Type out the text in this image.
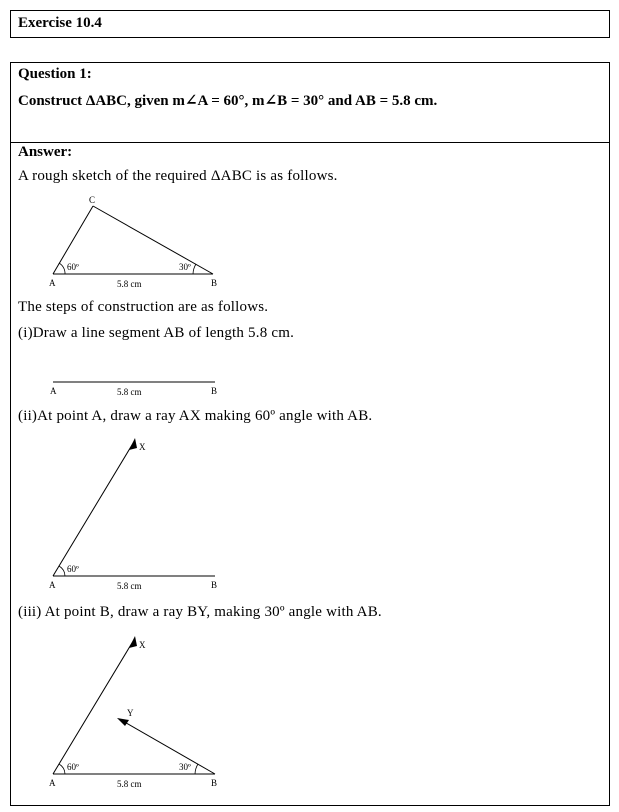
Exercise 10.4
Question 1:
Construct ΔABC, given m∠A = 60°, m∠B = 30° and AB = 5.8 cm.
Answer:
A rough sketch of the required ΔABC is as follows.
C
A	B
5.8 cm
60º	30º
The steps of construction are as follows.
(i)Draw a line segment AB of length 5.8 cm.
A	B
5.8 cm
(ii)At point A, draw a ray AX making 60º angle with AB.
X
A	B
5.8 cm
60º
(iii) At point B, draw a ray BY, making 30º angle with AB.
X
Y
A	B
5.8 cm
60º	30º
